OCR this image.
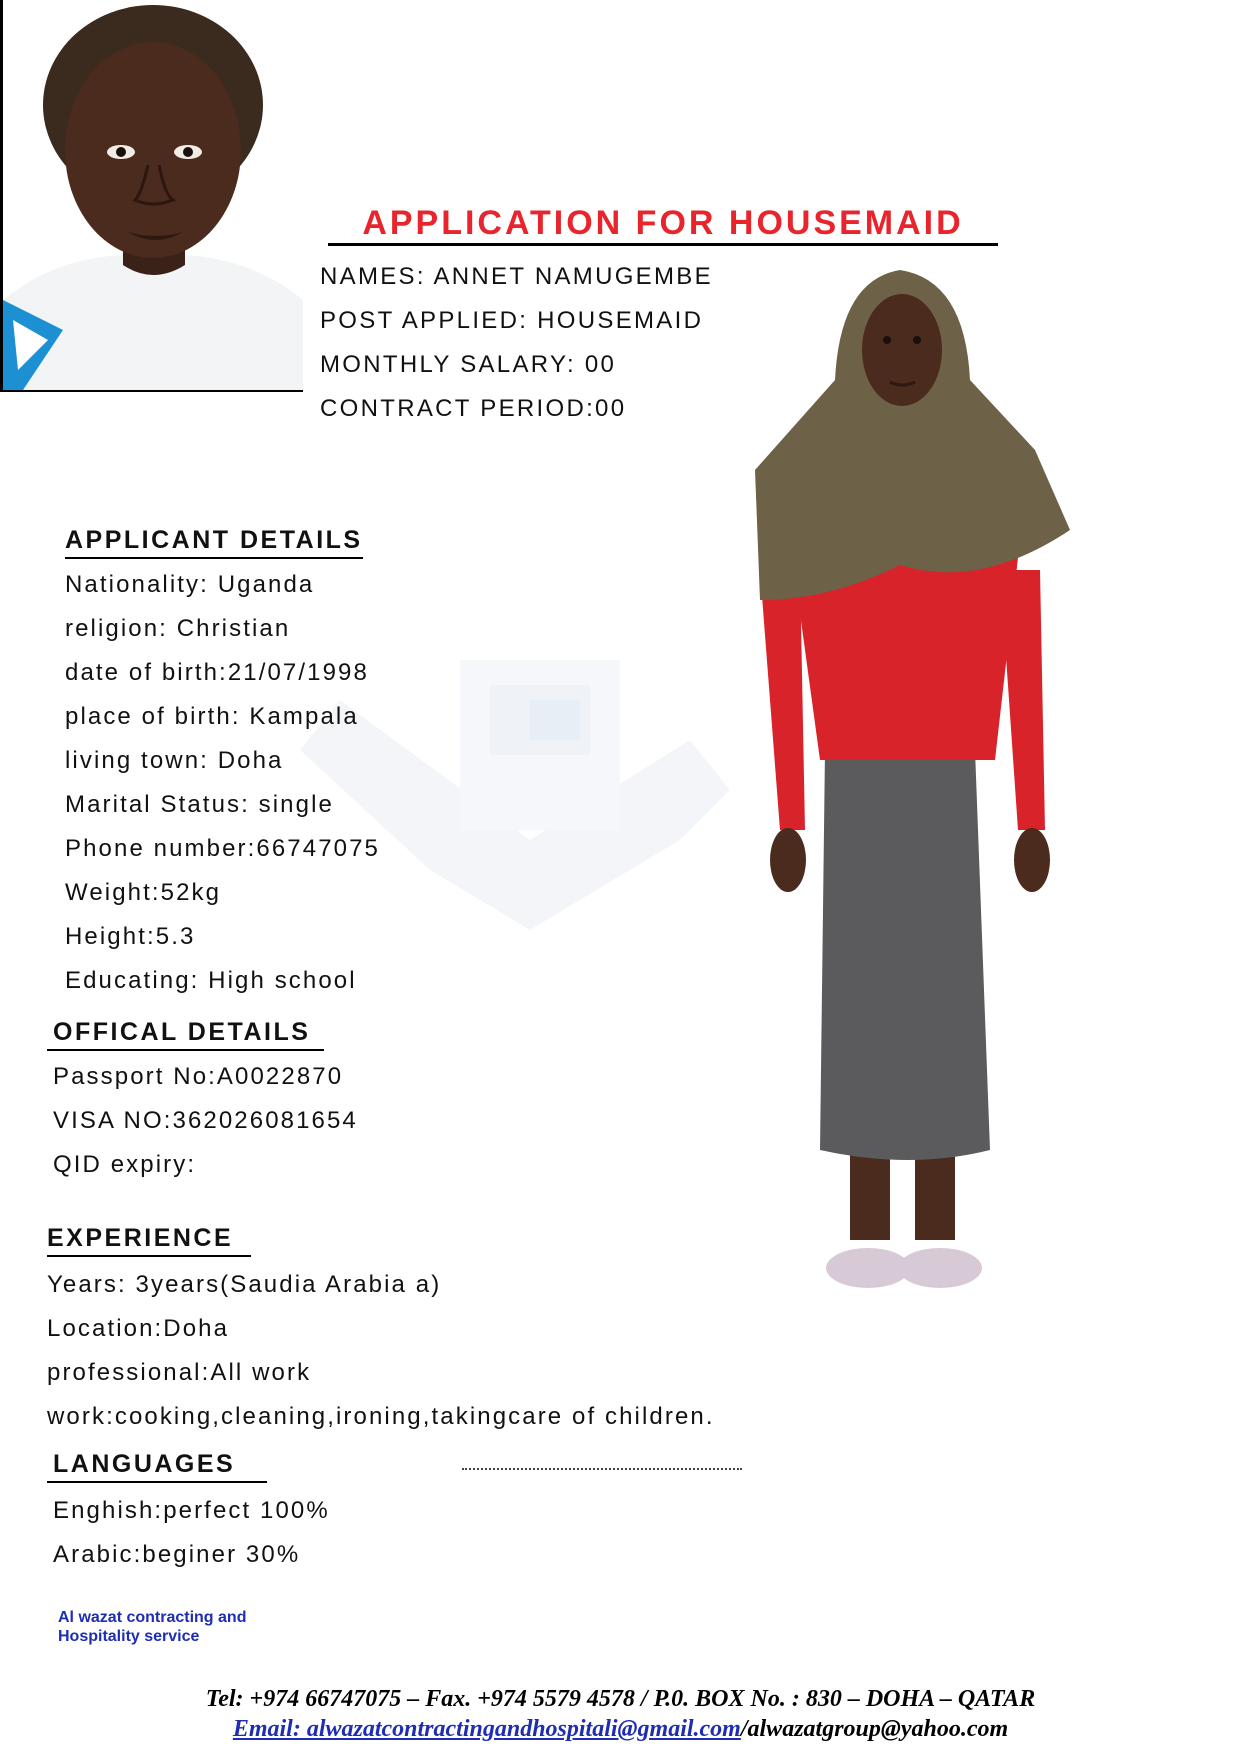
APPLICATION FOR HOUSEMAID
NAMES: ANNET NAMUGEMBE
POST APPLIED: HOUSEMAID
MONTHLY SALARY: 00
CONTRACT PERIOD:00
APPLICANT DETAILS
Nationality: Uganda
religion: Christian
date of birth:21/07/1998
place of birth: Kampala
living town: Doha
Marital Status: single
Phone number:66747075
Weight:52kg
Height:5.3
Educating: High school
OFFICAL DETAILS
Passport No:A0022870
VISA NO:362026081654
QID expiry:
EXPERIENCE
Years: 3years(Saudia Arabia a)
Location:Doha
professional:All work
work:cooking,cleaning,ironing,takingcare of children.
LANGUAGES
Enghish:perfect 100%
Arabic:beginer 30%
Al wazat contracting and
Hospitality service
Tel: +974 66747075 – Fax. +974 5579 4578 / P.0. BOX No. : 830 – DOHA – QATAR
Email: alwazatcontractingandhospitali@gmail.com/alwazatgroup@yahoo.com
